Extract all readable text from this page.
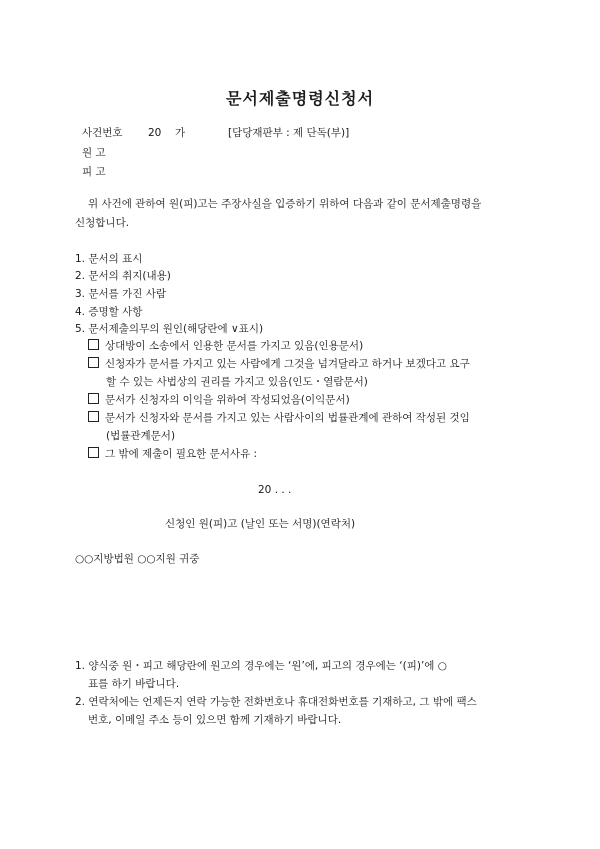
문서제출명령신청서
사건번호 20 가	[담당재판부 : 제 단독(부)]
원 고
피 고
위 사건에 관하여 원(피)고는 주장사실을 입증하기 위하여 다음과 같이 문서제출명령을
신청합니다.
1. 문서의 표시
2. 문서의 취지(내용)
3. 문서를 가진 사람
4. 증명할 사항
5. 문서제출의무의 원인(해당란에 ∨표시)
상대방이 소송에서 인용한 문서를 가지고 있음(인용문서)
신청자가 문서를 가지고 있는 사람에게 그것을 넘겨달라고 하거나 보겠다고 요구
할 수 있는 사법상의 권리를 가지고 있음(인도・열람문서)
문서가 신청자의 이익을 위하여 작성되었음(이익문서)
문서가 신청자와 문서를 가지고 있는 사람사이의 법률관계에 관하여 작성된 것임
(법률관계문서)
그 밖에 제출이 필요한 문서사유 :
20 . . .
신청인 원(피)고 (날인 또는 서명)(연락처)
○○지방법원 ○○지원 귀중
1. 양식중 원・피고 해당란에 원고의 경우에는 ‘원’에, 피고의 경우에는 ‘(피)’에 ○
표를 하기 바랍니다.
2. 연락처에는 언제든지 연락 가능한 전화번호나 휴대전화번호를 기재하고, 그 밖에 팩스
번호, 이메일 주소 등이 있으면 함께 기재하기 바랍니다.
